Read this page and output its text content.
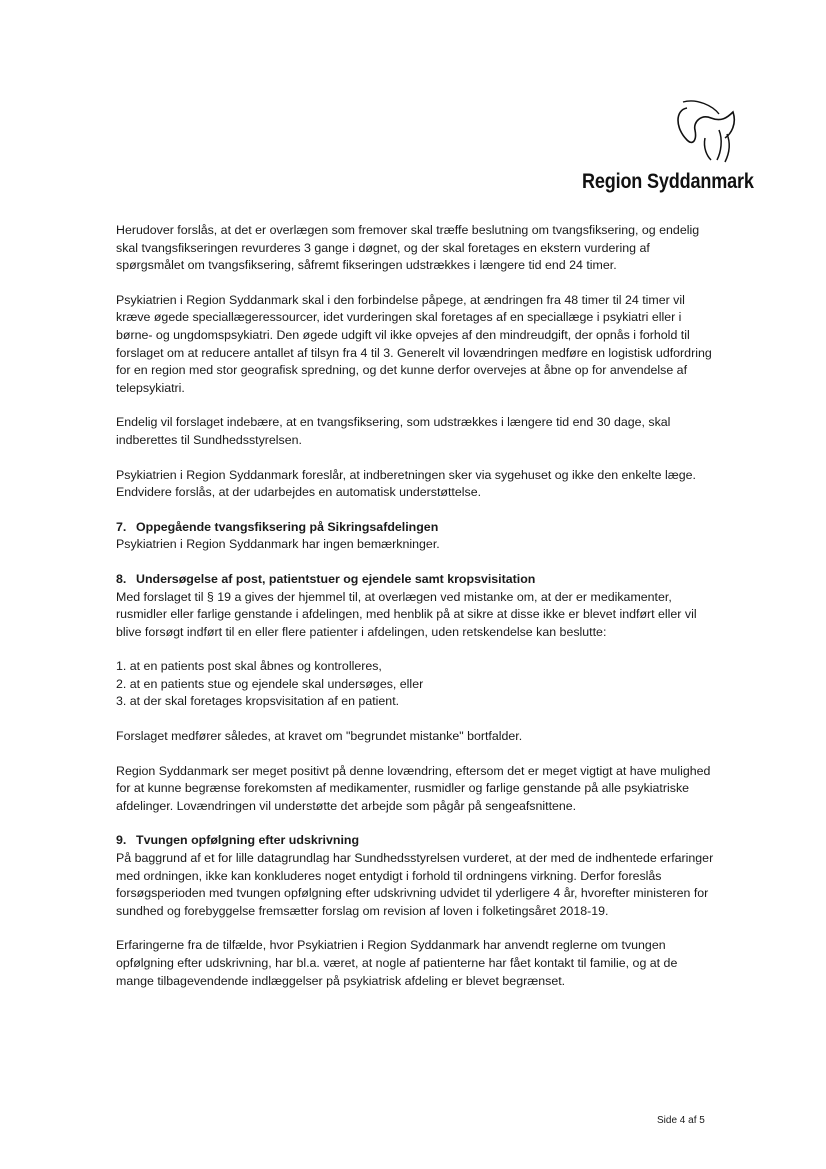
Region Syddanmark

Herudover forslås, at det er overlægen som fremover skal træffe beslutning om tvangsfiksering, og endelig skal tvangsfikseringen revurderes 3 gange i døgnet, og der skal foretages en ekstern vurdering af spørgsmålet om tvangsfiksering, såfremt fikseringen udstrækkes i længere tid end 24 timer.

Psykiatrien i Region Syddanmark skal i den forbindelse påpege, at ændringen fra 48 timer til 24 timer vil kræve øgede speciallægeressourcer, idet vurderingen skal foretages af en speciallæge i psykiatri eller i børne- og ungdomspsykiatri. Den øgede udgift vil ikke opvejes af den mindreudgift, der opnås i forhold til forslaget om at reducere antallet af tilsyn fra 4 til 3. Generelt vil lovændringen medføre en logistisk udfordring for en region med stor geografisk spredning, og det kunne derfor overvejes at åbne op for anvendelse af telepsykiatri.

Endelig vil forslaget indebære, at en tvangsfiksering, som udstrækkes i længere tid end 30 dage, skal indberettes til Sundhedsstyrelsen.

Psykiatrien i Region Syddanmark foreslår, at indberetningen sker via sygehuset og ikke den enkelte læge. Endvidere forslås, at der udarbejdes en automatisk understøttelse.

7. Oppegående tvangsfiksering på Sikringsafdelingen

Psykiatrien i Region Syddanmark har ingen bemærkninger.

8. Undersøgelse af post, patientstuer og ejendele samt kropsvisitation

Med forslaget til § 19 a gives der hjemmel til, at overlægen ved mistanke om, at der er medikamenter, rusmidler eller farlige genstande i afdelingen, med henblik på at sikre at disse ikke er blevet indført eller vil blive forsøgt indført til en eller flere patienter i afdelingen, uden retskendelse kan beslutte:

1. at en patients post skal åbnes og kontrolleres,
2. at en patients stue og ejendele skal undersøges, eller
3. at der skal foretages kropsvisitation af en patient.

Forslaget medfører således, at kravet om "begrundet mistanke" bortfalder.

Region Syddanmark ser meget positivt på denne lovændring, eftersom det er meget vigtigt at have mulighed for at kunne begrænse forekomsten af medikamenter, rusmidler og farlige genstande på alle psykiatriske afdelinger. Lovændringen vil understøtte det arbejde som pågår på sengeafsnittene.

9. Tvungen opfølgning efter udskrivning

På baggrund af et for lille datagrundlag har Sundhedsstyrelsen vurderet, at der med de indhentede erfaringer med ordningen, ikke kan konkluderes noget entydigt i forhold til ordningens virkning. Derfor foreslås forsøgsperioden med tvungen opfølgning efter udskrivning udvidet til yderligere 4 år, hvorefter ministeren for sundhed og forebyggelse fremsætter forslag om revision af loven i folketingsåret 2018-19.

Erfaringerne fra de tilfælde, hvor Psykiatrien i Region Syddanmark har anvendt reglerne om tvungen opfølgning efter udskrivning, har bl.a. været, at nogle af patienterne har fået kontakt til familie, og at de mange tilbagevendende indlæggelser på psykiatrisk afdeling er blevet begrænset.

Side 4 af 5
